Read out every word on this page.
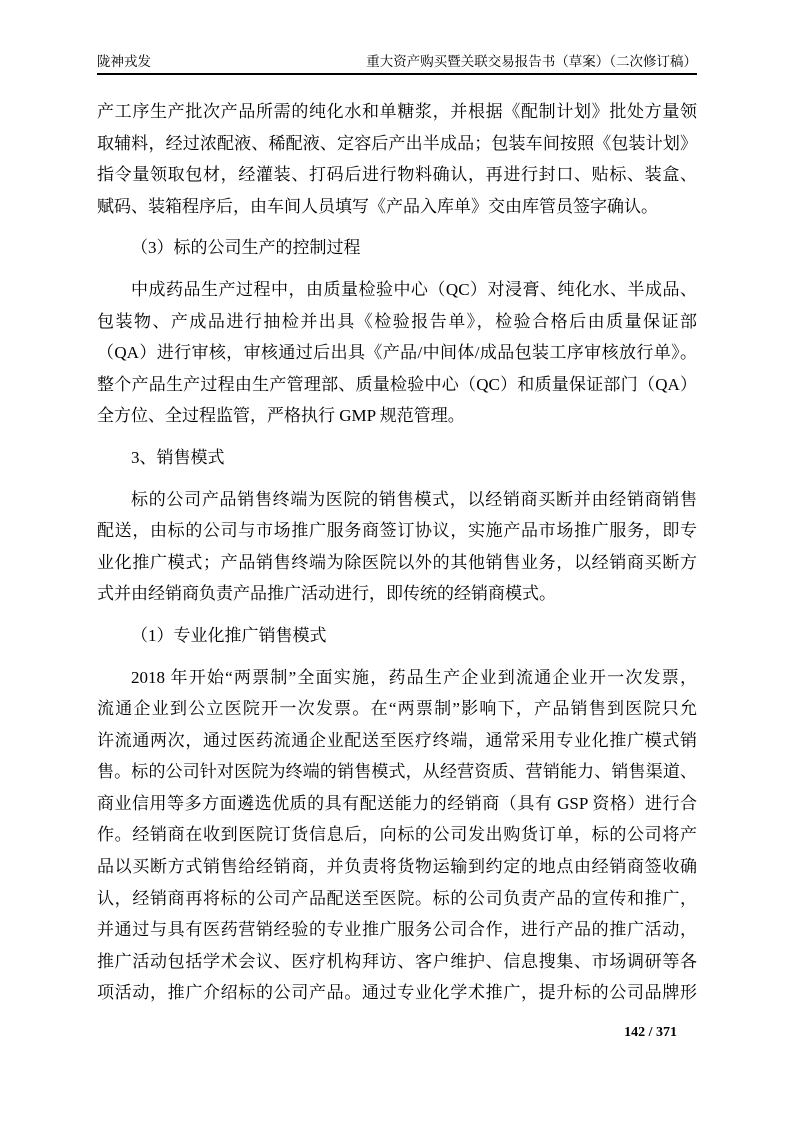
陇神戎发	重大资产购买暨关联交易报告书（草案）（二次修订稿）
产工序生产批次产品所需的纯化水和单糖浆，并根据《配制计划》批处方量领
取辅料，经过浓配液、稀配液、定容后产出半成品；包装车间按照《包装计划》
指令量领取包材，经灌装、打码后进行物料确认，再进行封口、贴标、装盒、
赋码、装箱程序后，由车间人员填写《产品入库单》交由库管员签字确认。
（3）标的公司生产的控制过程
中成药品生产过程中，由质量检验中心（QC）对浸膏、纯化水、半成品、
包装物、产成品进行抽检并出具《检验报告单》，检验合格后由质量保证部
（QA）进行审核，审核通过后出具《产品/中间体/成品包装工序审核放行单》。
整个产品生产过程由生产管理部、质量检验中心（QC）和质量保证部门（QA）
全方位、全过程监管，严格执行 GMP 规范管理。
3、销售模式
标的公司产品销售终端为医院的销售模式，以经销商买断并由经销商销售
配送，由标的公司与市场推广服务商签订协议，实施产品市场推广服务，即专
业化推广模式；产品销售终端为除医院以外的其他销售业务，以经销商买断方
式并由经销商负责产品推广活动进行，即传统的经销商模式。
（1）专业化推广销售模式
2018 年开始“两票制”全面实施，药品生产企业到流通企业开一次发票，
流通企业到公立医院开一次发票。在“两票制”影响下，产品销售到医院只允
许流通两次，通过医药流通企业配送至医疗终端，通常采用专业化推广模式销
售。标的公司针对医院为终端的销售模式，从经营资质、营销能力、销售渠道、
商业信用等多方面遴选优质的具有配送能力的经销商（具有 GSP 资格）进行合
作。经销商在收到医院订货信息后，向标的公司发出购货订单，标的公司将产
品以买断方式销售给经销商，并负责将货物运输到约定的地点由经销商签收确
认，经销商再将标的公司产品配送至医院。标的公司负责产品的宣传和推广，
并通过与具有医药营销经验的专业推广服务公司合作，进行产品的推广活动，
推广活动包括学术会议、医疗机构拜访、客户维护、信息搜集、市场调研等各
项活动，推广介绍标的公司产品。通过专业化学术推广，提升标的公司品牌形
142 / 371
